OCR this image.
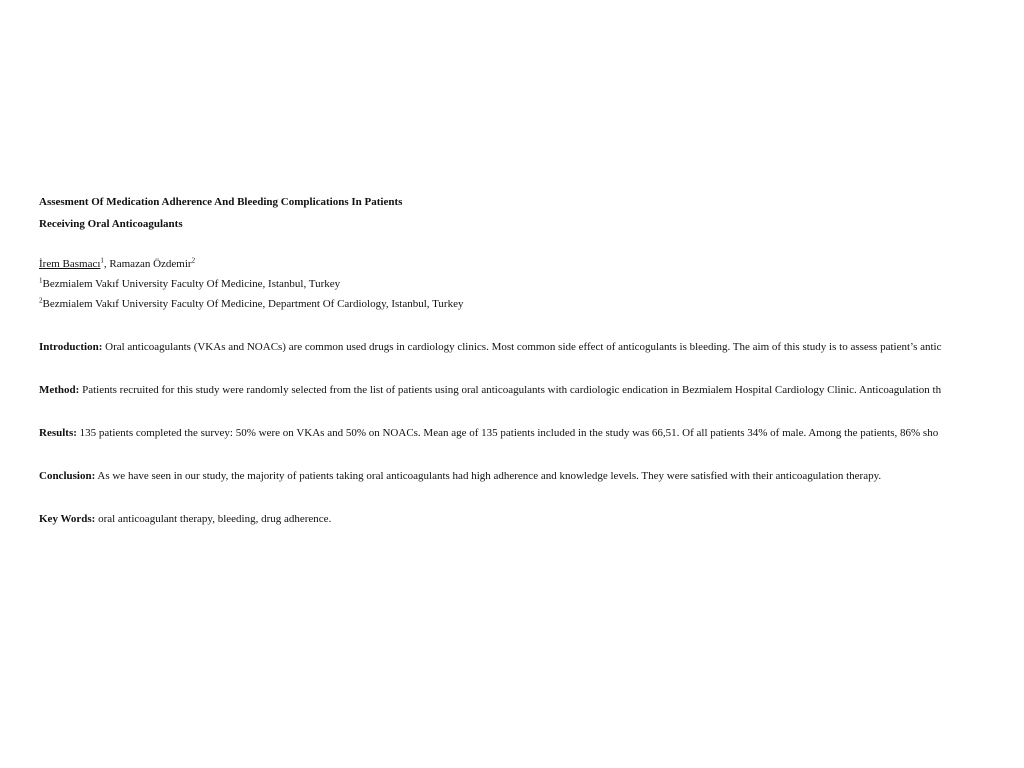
Assesment Of Medication Adherence And Bleeding Complications In Patients
Receiving Oral Anticoagulants
İrem Basmacı$^1$, Ramazan Özdemir$^2$
$^1$Bezmialem Vakıf University Faculty Of Medicine, Istanbul, Turkey
$^2$Bezmialem Vakıf University Faculty Of Medicine, Department Of Cardiology, Istanbul, Turkey
Introduction: Oral anticoagulants (VKAs and NOACs) are common used drugs in cardiology clinics. Most common side effect of anticogulants is bleeding. The aim of this study is to assess patient’s antic
Method: Patients recruited for this study were randomly selected from the list of patients using oral anticoagulants with cardiologic endication in Bezmialem Hospital Cardiology Clinic. Anticoagulation th
Results: 135 patients completed the survey: 50% were on VKAs and 50% on NOACs. Mean age of 135 patients included in the study was 66,51. Of all patients 34% of male. Among the patients, 86% sho
Conclusion: As we have seen in our study, the majority of patients taking oral anticoagulants had high adherence and knowledge levels. They were satisfied with their anticoagulation therapy.
Key Words: oral anticoagulant therapy, bleeding, drug adherence.
